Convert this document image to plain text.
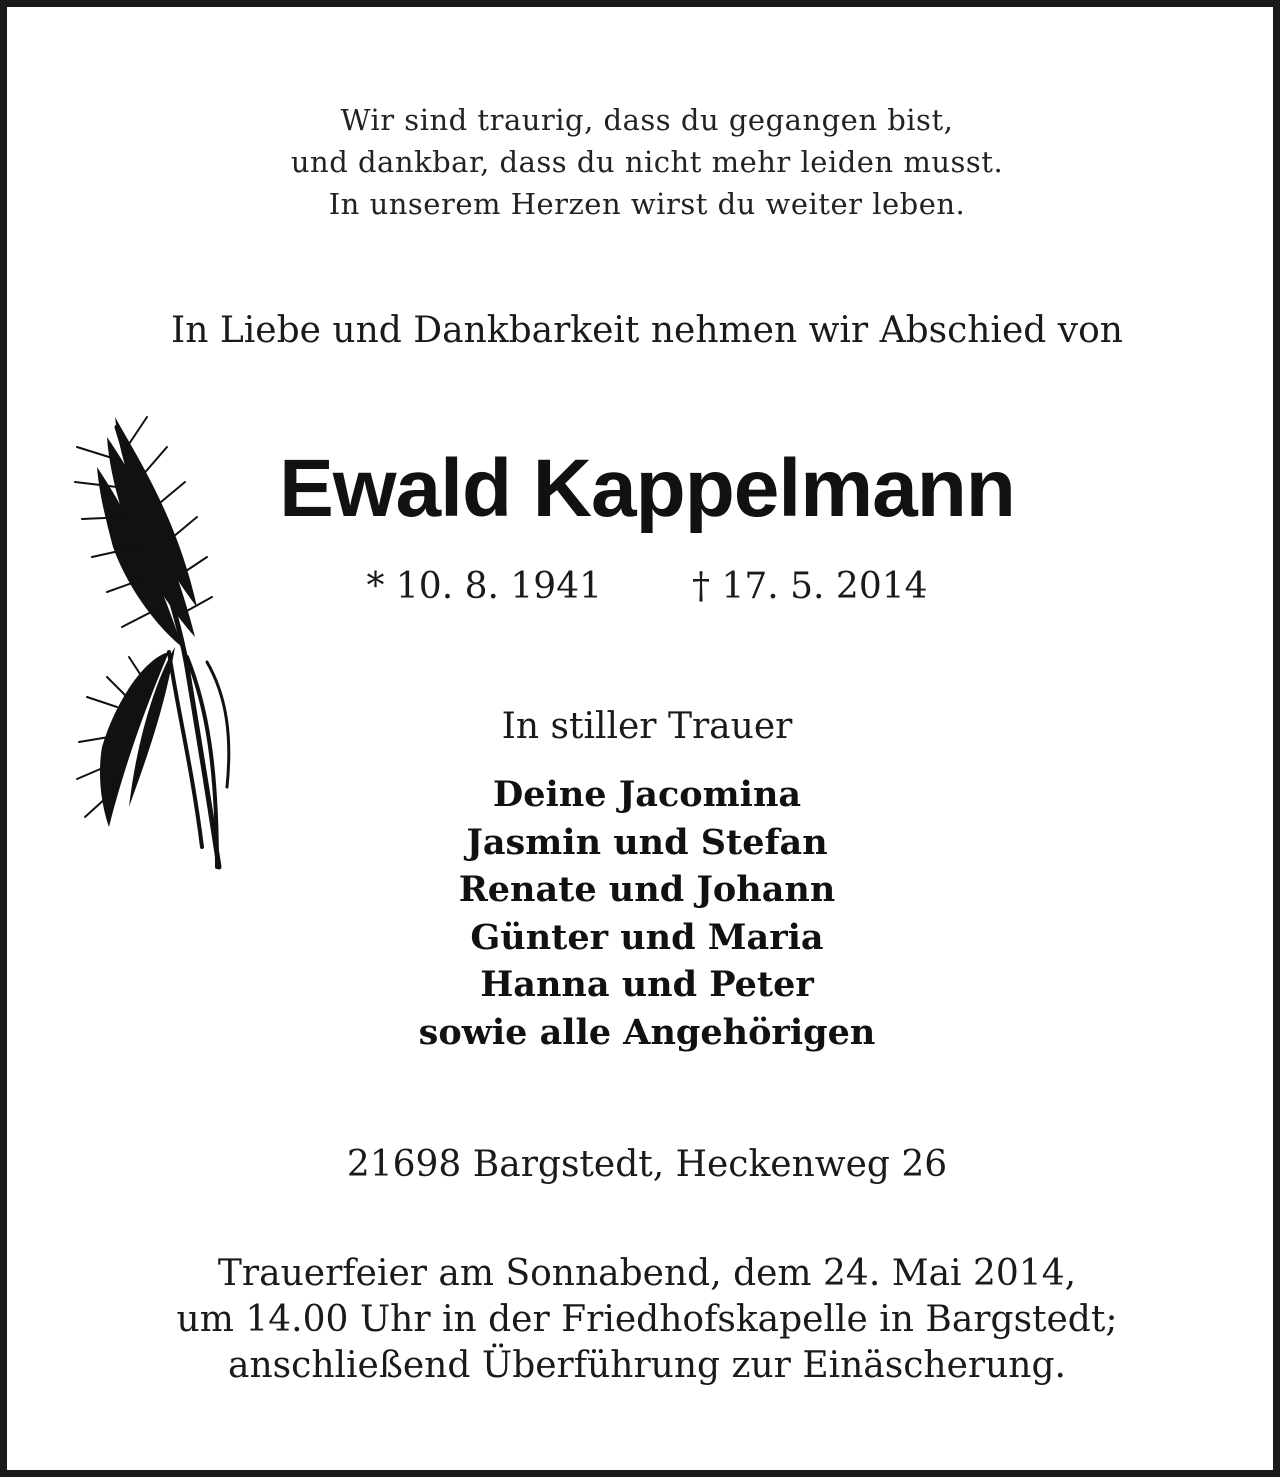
Wir sind traurig, dass du gegangen bist,
und dankbar, dass du nicht mehr leiden musst.
In unserem Herzen wirst du weiter leben.
In Liebe und Dankbarkeit nehmen wir Abschied von
Ewald Kappelmann
* 10. 8. 1941	† 17. 5. 2014
In stiller Trauer
Deine Jacomina
Jasmin und Stefan
Renate und Johann
Günter und Maria
Hanna und Peter
sowie alle Angehörigen
21698 Bargstedt, Heckenweg 26
Trauerfeier am Sonnabend, dem 24. Mai 2014,
um 14.00 Uhr in der Friedhofskapelle in Bargstedt;
anschließend Überführung zur Einäscherung.
